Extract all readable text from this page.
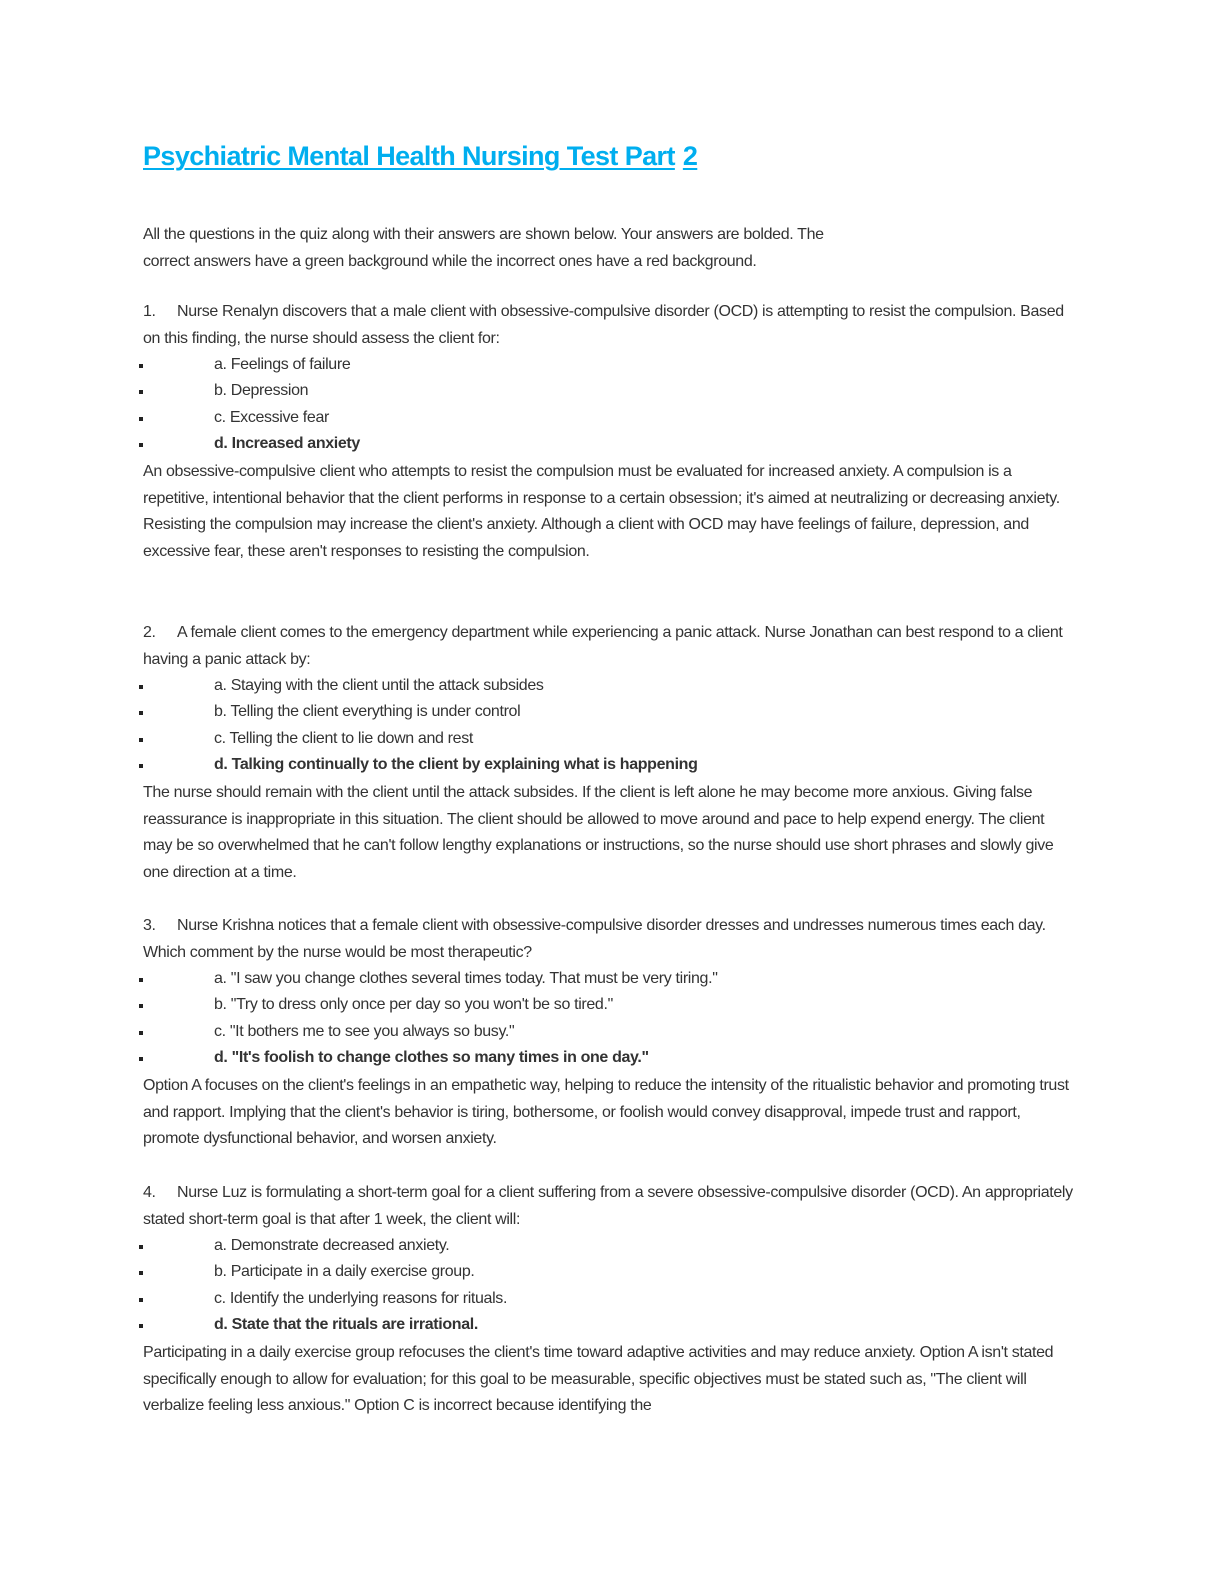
Psychiatric Mental Health Nursing Test Part 2

All the questions in the quiz along with their answers are shown below. Your answers are bolded. The

correct answers have a green background while the incorrect ones have a red background.

1. Nurse Renalyn discovers that a male client with obsessive-compulsive disorder (OCD) is attempting to resist the compulsion. Based on this finding, the nurse should assess the client for:

a. Feelings of failure
b. Depression
c. Excessive fear
d. Increased anxiety

An obsessive-compulsive client who attempts to resist the compulsion must be evaluated for increased anxiety. A compulsion is a repetitive, intentional behavior that the client performs in response to a certain obsession; it's aimed at neutralizing or decreasing anxiety. Resisting the compulsion may increase the client's anxiety. Although a client with OCD may have feelings of failure, depression, and excessive fear, these aren't responses to resisting the compulsion.

2. A female client comes to the emergency department while experiencing a panic attack. Nurse Jonathan can best respond to a client having a panic attack by:

a. Staying with the client until the attack subsides
b. Telling the client everything is under control
c. Telling the client to lie down and rest
d. Talking continually to the client by explaining what is happening

The nurse should remain with the client until the attack subsides. If the client is left alone he may become more anxious. Giving false reassurance is inappropriate in this situation. The client should be allowed to move around and pace to help expend energy. The client may be so overwhelmed that he can't follow lengthy explanations or instructions, so the nurse should use short phrases and slowly give one direction at a time.

3. Nurse Krishna notices that a female client with obsessive-compulsive disorder dresses and undresses numerous times each day. Which comment by the nurse would be most therapeutic?

a. "I saw you change clothes several times today. That must be very tiring."
b. "Try to dress only once per day so you won't be so tired."
c. "It bothers me to see you always so busy."
d. "It's foolish to change clothes so many times in one day."

Option A focuses on the client's feelings in an empathetic way, helping to reduce the intensity of the ritualistic behavior and promoting trust and rapport. Implying that the client's behavior is tiring, bothersome, or foolish would convey disapproval, impede trust and rapport, promote dysfunctional behavior, and worsen anxiety.

4. Nurse Luz is formulating a short-term goal for a client suffering from a severe obsessive-compulsive disorder (OCD). An appropriately stated short-term goal is that after 1 week, the client will:

a. Demonstrate decreased anxiety.
b. Participate in a daily exercise group.
c. Identify the underlying reasons for rituals.
d. State that the rituals are irrational.

Participating in a daily exercise group refocuses the client's time toward adaptive activities and may reduce anxiety. Option A isn't stated specifically enough to allow for evaluation; for this goal to be measurable, specific objectives must be stated such as, "The client will verbalize feeling less anxious." Option C is incorrect because identifying the
